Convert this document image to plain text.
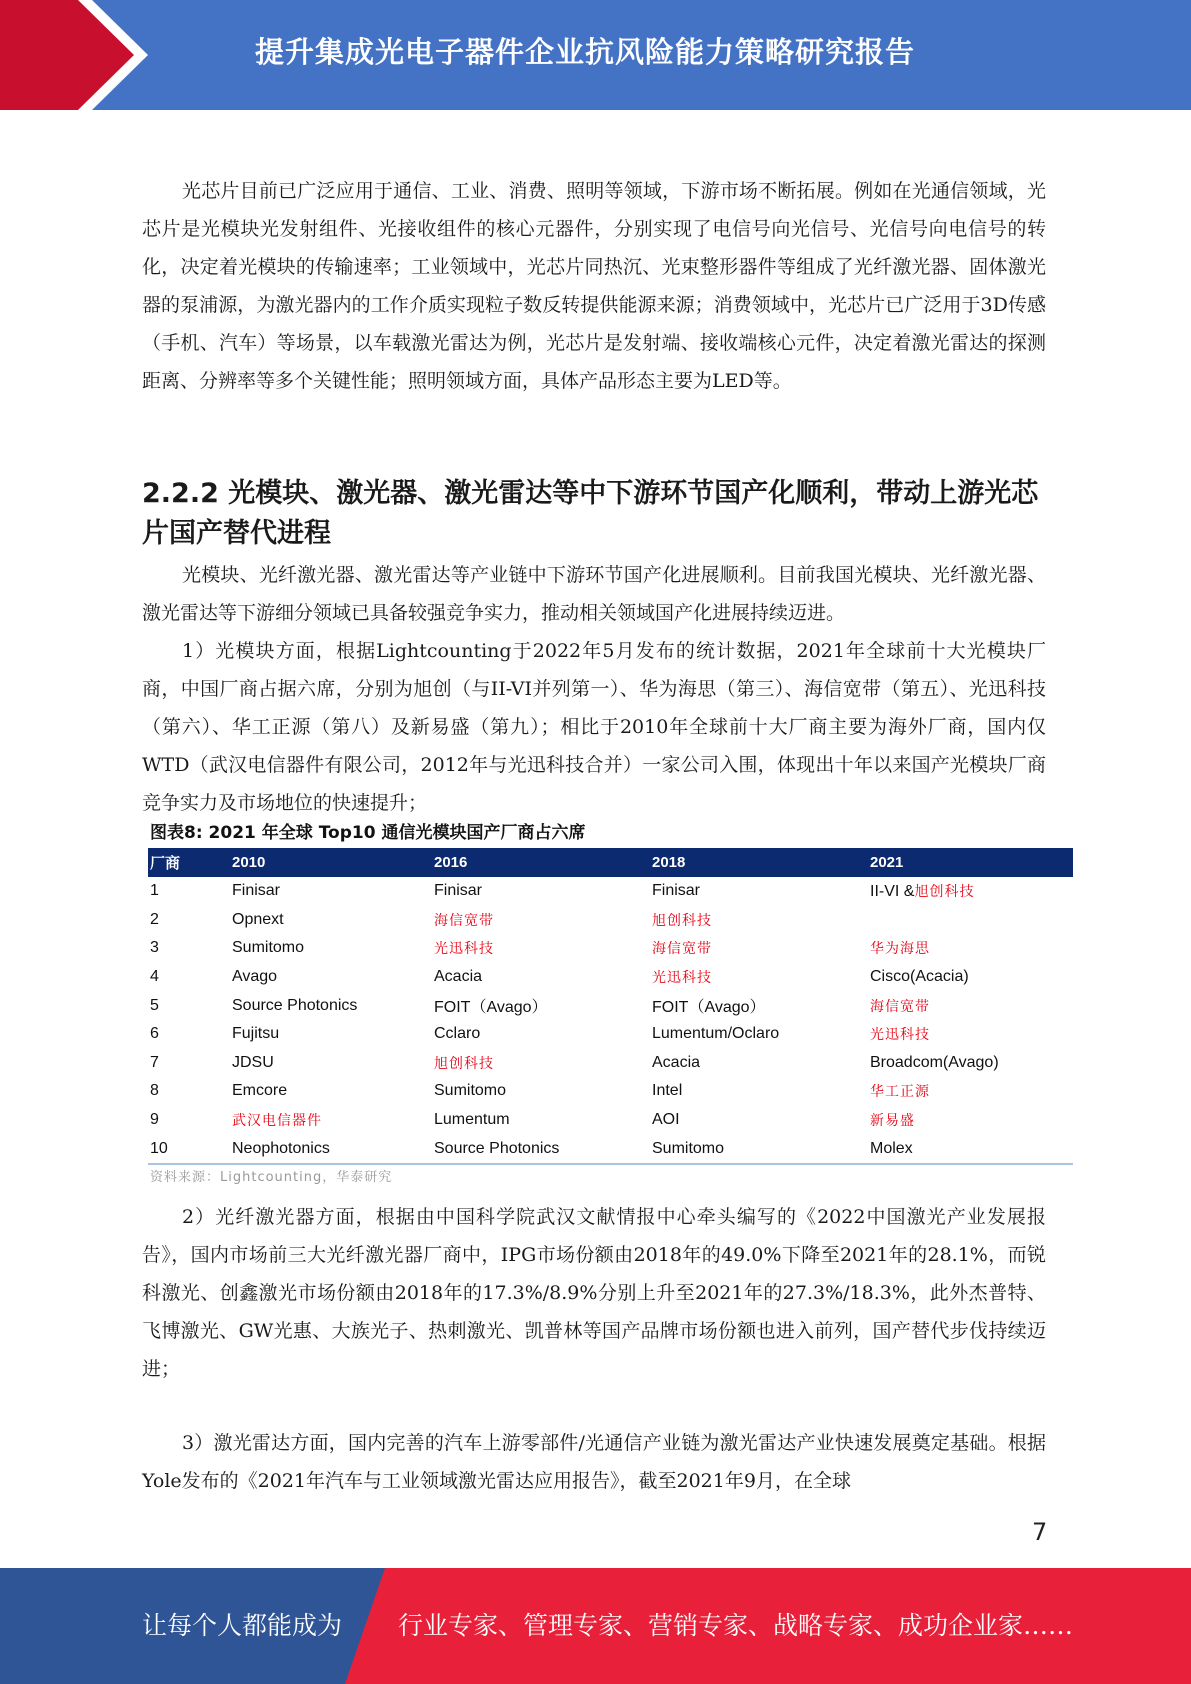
提升集成光电子器件企业抗风险能力策略研究报告

光芯片目前已广泛应用于通信、工业、消费、照明等领域，下游市场不断拓展。例如在光通信领域，光芯片是光模块光发射组件、光接收组件的核心元器件，分别实现了电信号向光信号、光信号向电信号的转化，决定着光模块的传输速率；工业领域中，光芯片同热沉、光束整形器件等组成了光纤激光器、固体激光器的泵浦源，为激光器内的工作介质实现粒子数反转提供能源来源；消费领域中，光芯片已广泛用于3D传感（手机、汽车）等场景，以车载激光雷达为例，光芯片是发射端、接收端核心元件，决定着激光雷达的探测距离、分辨率等多个关键性能；照明领域方面，具体产品形态主要为LED等。

2.2.2 光模块、激光器、激光雷达等中下游环节国产化顺利，带动上游光芯片国产替代进程

光模块、光纤激光器、激光雷达等产业链中下游环节国产化进展顺利。目前我国光模块、光纤激光器、激光雷达等下游细分领域已具备较强竞争实力，推动相关领域国产化进展持续迈进。

1）光模块方面，根据Lightcounting于2022年5月发布的统计数据，2021年全球前十大光模块厂商，中国厂商占据六席，分别为旭创（与II-VI并列第一）、华为海思（第三）、海信宽带（第五）、光迅科技（第六）、华工正源（第八）及新易盛（第九）；相比于2010年全球前十大厂商主要为海外厂商，国内仅WTD（武汉电信器件有限公司，2012年与光迅科技合并）一家公司入围，体现出十年以来国产光模块厂商竞争实力及市场地位的快速提升；

图表8: 2021 年全球 Top10 通信光模块国产厂商占六席
厂商	2010	2016	2018	2021
1	Finisar	Finisar	Finisar	II-VI &旭创科技
2	Opnext	海信宽带	旭创科技	
3	Sumitomo	光迅科技	海信宽带	华为海思
4	Avago	Acacia	光迅科技	Cisco(Acacia)
5	Source Photonics	FOIT（Avago）	FOIT（Avago）	海信宽带
6	Fujitsu	Cclaro	Lumentum/Oclaro	光迅科技
7	JDSU	旭创科技	Acacia	Broadcom(Avago)
8	Emcore	Sumitomo	Intel	华工正源
9	武汉电信器件	Lumentum	AOI	新易盛
10	Neophotonics	Source Photonics	Sumitomo	Molex
资料来源：Lightcounting，华泰研究

2）光纤激光器方面，根据由中国科学院武汉文献情报中心牵头编写的《2022中国激光产业发展报告》，国内市场前三大光纤激光器厂商中，IPG市场份额由2018年的49.0%下降至2021年的28.1%，而锐科激光、创鑫激光市场份额由2018年的17.3%/8.9%分别上升至2021年的27.3%/18.3%，此外杰普特、飞博激光、GW光惠、大族光子、热刺激光、凯普林等国产品牌市场份额也进入前列，国产替代步伐持续迈进；

3）激光雷达方面，国内完善的汽车上游零部件/光通信产业链为激光雷达产业快速发展奠定基础。根据Yole发布的《2021年汽车与工业领域激光雷达应用报告》，截至2021年9月，在全球

7
让每个人都能成为 行业专家、管理专家、营销专家、战略专家、成功企业家……
